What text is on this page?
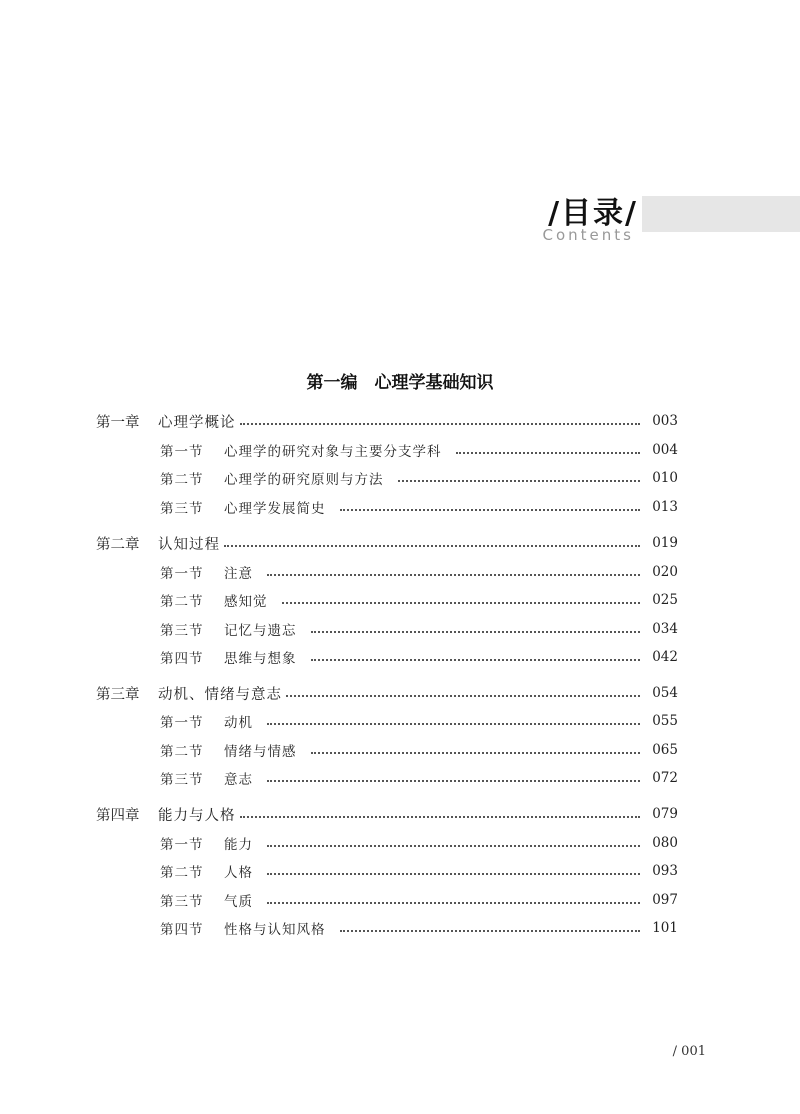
/目录/
Contents
第一编　心理学基础知识
第一章	心理学概论	003
第一节	心理学的研究对象与主要分支学科	004
第二节	心理学的研究原则与方法	010
第三节	心理学发展简史	013
第二章	认知过程	019
第一节	注意	020
第二节	感知觉	025
第三节	记忆与遗忘	034
第四节	思维与想象	042
第三章	动机、情绪与意志	054
第一节	动机	055
第二节	情绪与情感	065
第三节	意志	072
第四章	能力与人格	079
第一节	能力	080
第二节	人格	093
第三节	气质	097
第四节	性格与认知风格	101
/ 001
